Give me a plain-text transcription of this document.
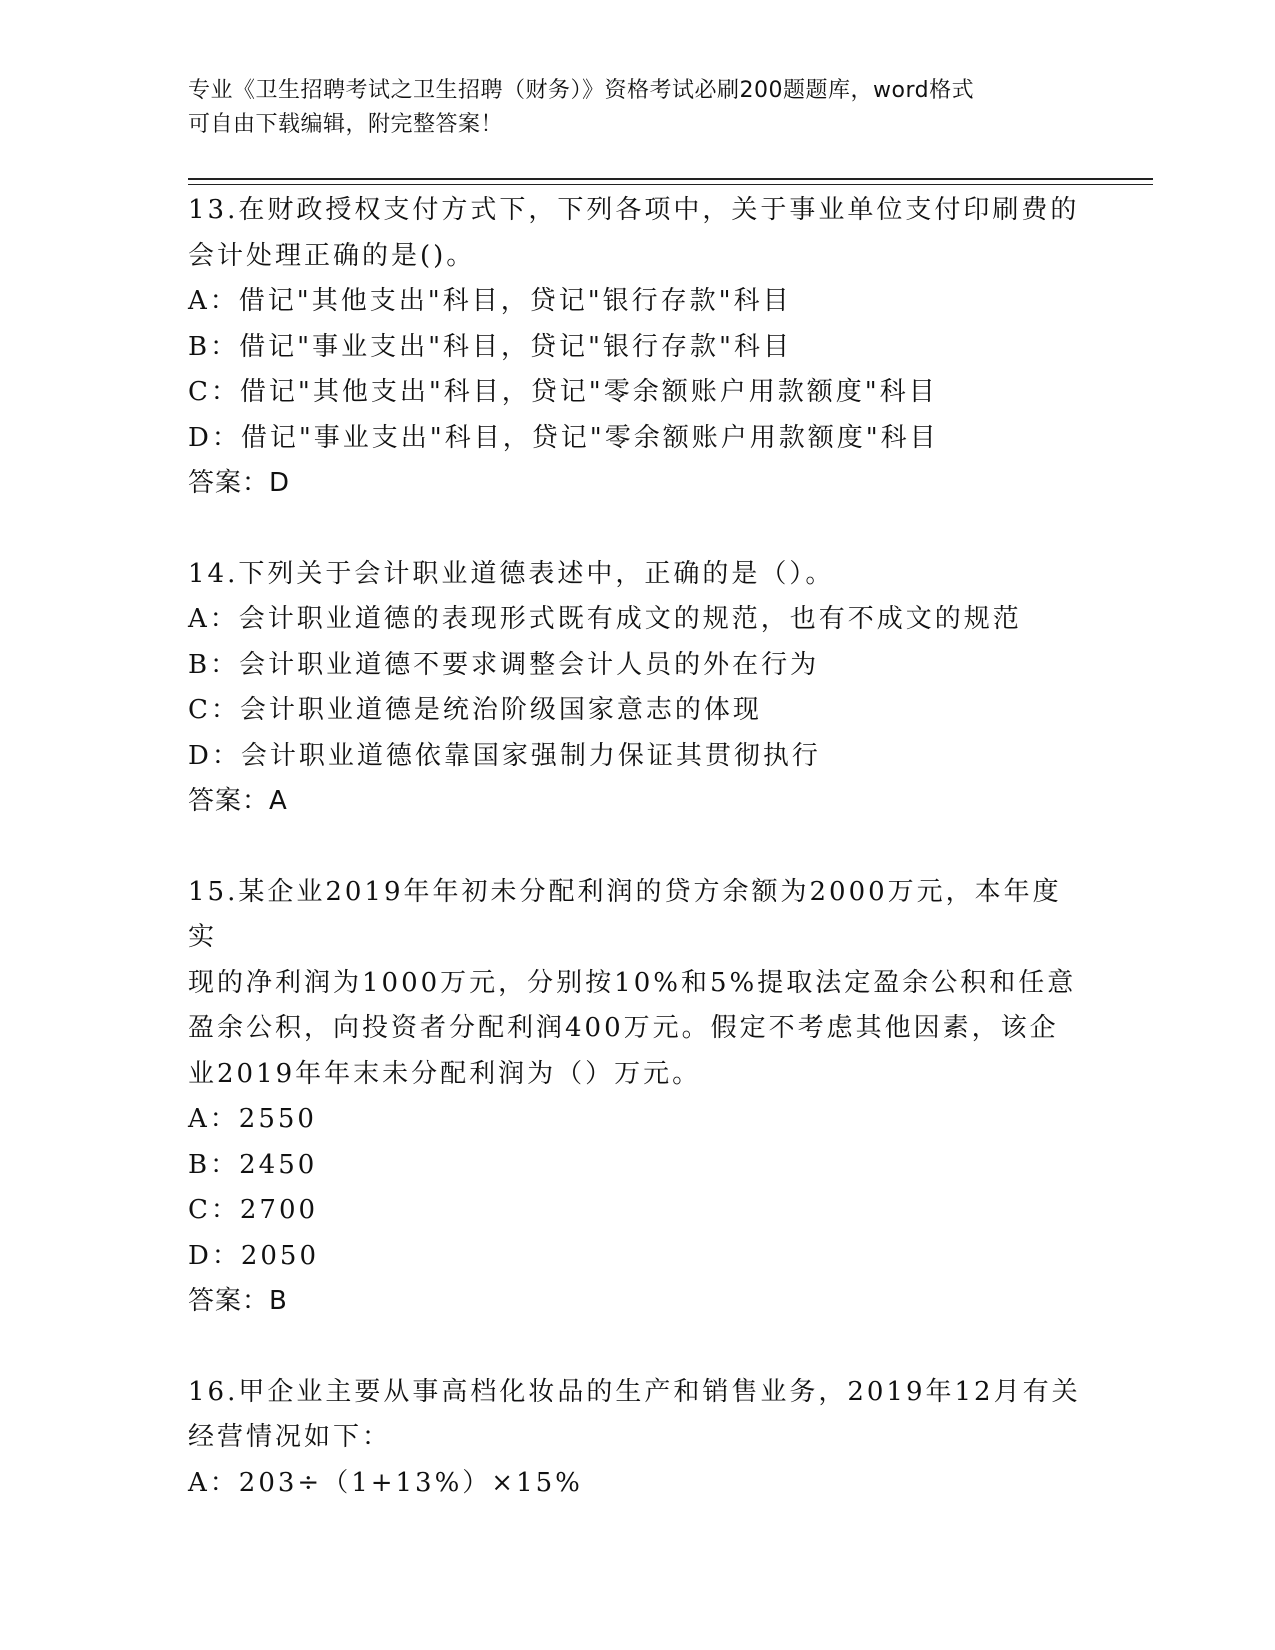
专业《卫生招聘考试之卫生招聘（财务）》资格考试必刷200题题库，word格式
可自由下载编辑，附完整答案！

13.在财政授权支付方式下，下列各项中，关于事业单位支付印刷费的

会计处理正确的是()。

A：借记"其他支出"科目，贷记"银行存款"科目

B：借记"事业支出"科目，贷记"银行存款"科目

C：借记"其他支出"科目，贷记"零余额账户用款额度"科目

D：借记"事业支出"科目，贷记"零余额账户用款额度"科目

答案：D

14.下列关于会计职业道德表述中，正确的是（）。

A：会计职业道德的表现形式既有成文的规范，也有不成文的规范

B：会计职业道德不要求调整会计人员的外在行为

C：会计职业道德是统治阶级国家意志的体现

D：会计职业道德依靠国家强制力保证其贯彻执行

答案：A

15.某企业2019年年初未分配利润的贷方余额为2000万元，本年度实

现的净利润为1000万元，分别按10%和5%提取法定盈余公积和任意

盈余公积，向投资者分配利润400万元。假定不考虑其他因素，该企

业2019年年末未分配利润为（）万元。

A：2550

B：2450

C：2700

D：2050

答案：B

16.甲企业主要从事高档化妆品的生产和销售业务，2019年12月有关

经营情况如下：

A：203÷（1+13%）×15%
